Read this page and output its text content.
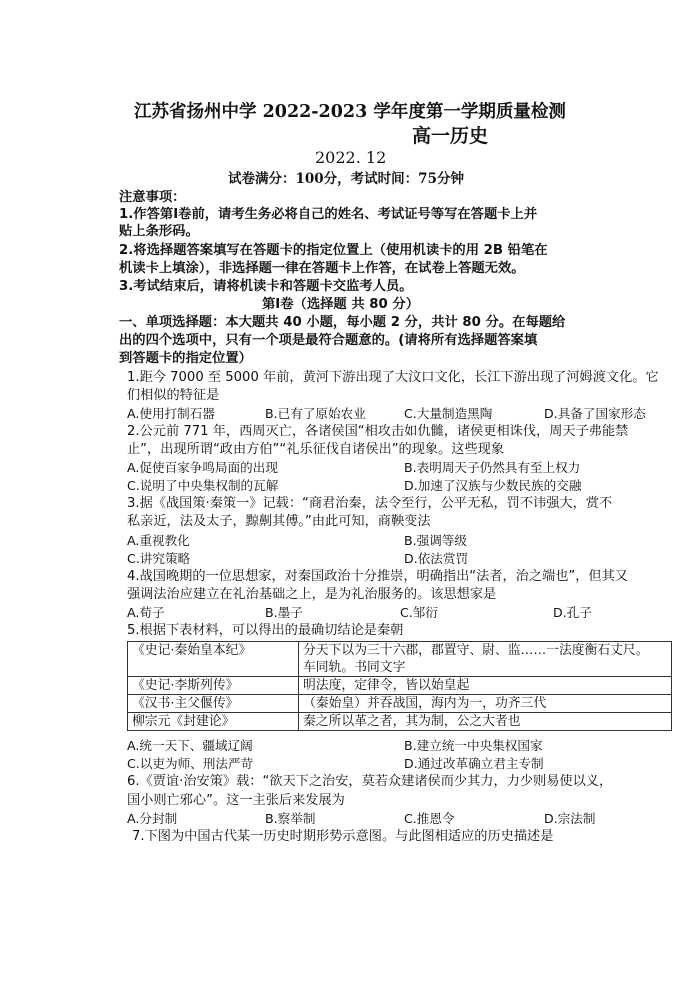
江苏省扬州中学 2022-2023 学年度第一学期质量检测
高一历史
2022. 12
试卷满分：100分，考试时间：75分钟
注意事项：
1.作答第Ⅰ卷前，请考生务必将自己的姓名、考试证号等写在答题卡上并
贴上条形码。
2.将选择题答案填写在答题卡的指定位置上（使用机读卡的用 2B 铅笔在
机读卡上填涂），非选择题一律在答题卡上作答，在试卷上答题无效。
3.考试结束后，请将机读卡和答题卡交监考人员。
第Ⅰ卷（选择题 共 80 分）
一、单项选择题：本大题共 40 小题，每小题 2 分，共计 80 分。在每题给
出的四个选项中，只有一个项是最符合题意的。(请将所有选择题答案填
到答题卡的指定位置）
1.距今 7000 至 5000 年前，黄河下游出现了大汶口文化，长江下游出现了河姆渡文化。它
们相似的特征是
A.使用打制石器	B.已有了原始农业	C.大量制造黑陶	D.具备了国家形态
2.公元前 771 年，西周灭亡，各诸侯国“相攻击如仇雠，诸侯更相诛伐，周天子弗能禁
止”，出现所谓“政由方伯”“礼乐征伐自诸侯出”的现象。这些现象
A.促使百家争鸣局面的出现	B.表明周天子仍然具有至上权力
C.说明了中央集权制的瓦解	D.加速了汉族与少数民族的交融
3.据《战国策·秦策一》记载：“商君治秦，法令至行，公平无私，罚不讳强大，赏不
私亲近，法及太子，黥劓其傅。”由此可知，商鞅变法
A.重视教化	B.强调等级
C.讲究策略	D.依法赏罚
4.战国晚期的一位思想家，对秦国政治十分推崇，明确指出“法者，治之端也”，但其又
强调法治应建立在礼治基础之上，是为礼治服务的。该思想家是
A.荀子	B.墨子	C.邹衍	D.孔子
5.根据下表材料，可以得出的最确切结论是秦朝
《史记·秦始皇本纪》	分天下以为三十六郡，郡置守、尉、监……一法度衡石丈尺。
车同轨。书同文字

《史记·李斯列传》	明法度，定律令，皆以始皇起
《汉书·主父偃传》	（秦始皇）并吞战国，海内为一，功齐三代
柳宗元《封建论》	秦之所以革之者，其为制，公之大者也
A.统一天下、疆域辽阔	B.建立统一中央集权国家
C.以吏为师、刑法严苛	D.通过改革确立君主专制
6.《贾谊·治安策》载：“欲天下之治安，莫若众建诸侯而少其力，力少则易使以义，
国小则亡邪心”。这一主张后来发展为
A.分封制	B.察举制	C.推恩令	D.宗法制
7.下图为中国古代某一历史时期形势示意图。与此图相适应的历史描述是
